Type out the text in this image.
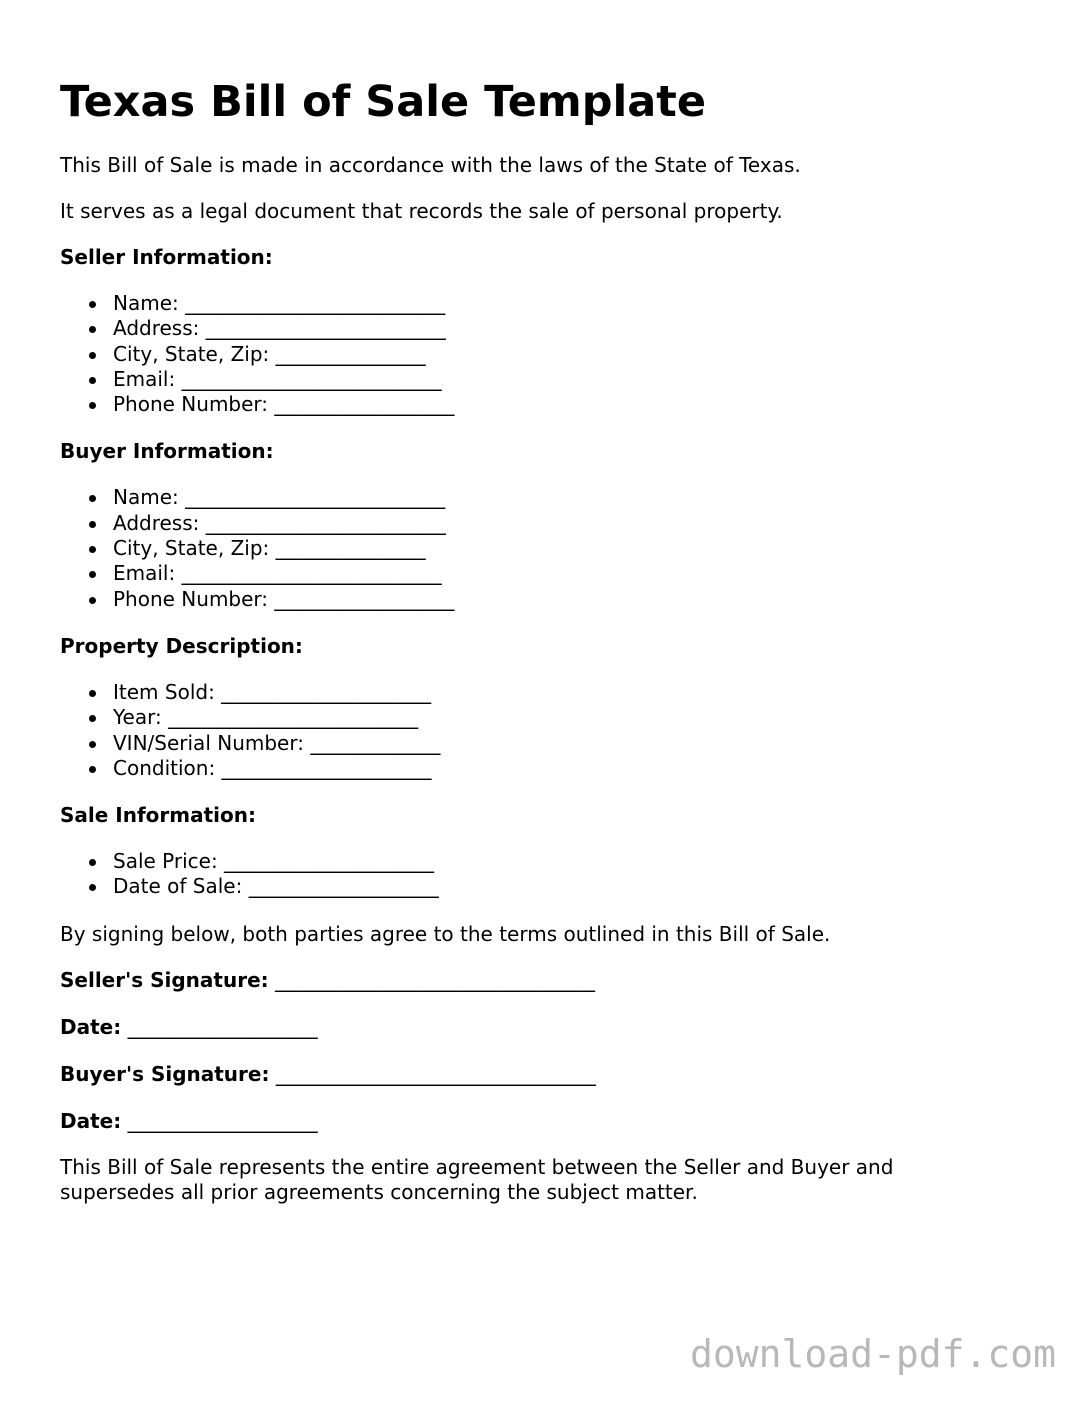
Texas Bill of Sale Template

This Bill of Sale is made in accordance with the laws of the State of Texas.

It serves as a legal document that records the sale of personal property.

Seller Information:
Name: __________________________
Address: ________________________
City, State, Zip: _______________
Email: __________________________
Phone Number: __________________
Buyer Information:
Name: __________________________
Address: ________________________
City, State, Zip: _______________
Email: __________________________
Phone Number: __________________
Property Description:
Item Sold: _____________________
Year: _________________________
VIN/Serial Number: _____________
Condition: _____________________
Sale Information:
Sale Price: _____________________
Date of Sale: ___________________

By signing below, both parties agree to the terms outlined in this Bill of Sale.

Seller's Signature: ________________________________
Date: ___________________
Buyer's Signature: ________________________________
Date: ___________________

This Bill of Sale represents the entire agreement between the Seller and Buyer and supersedes all prior agreements concerning the subject matter.

download-pdf.com
